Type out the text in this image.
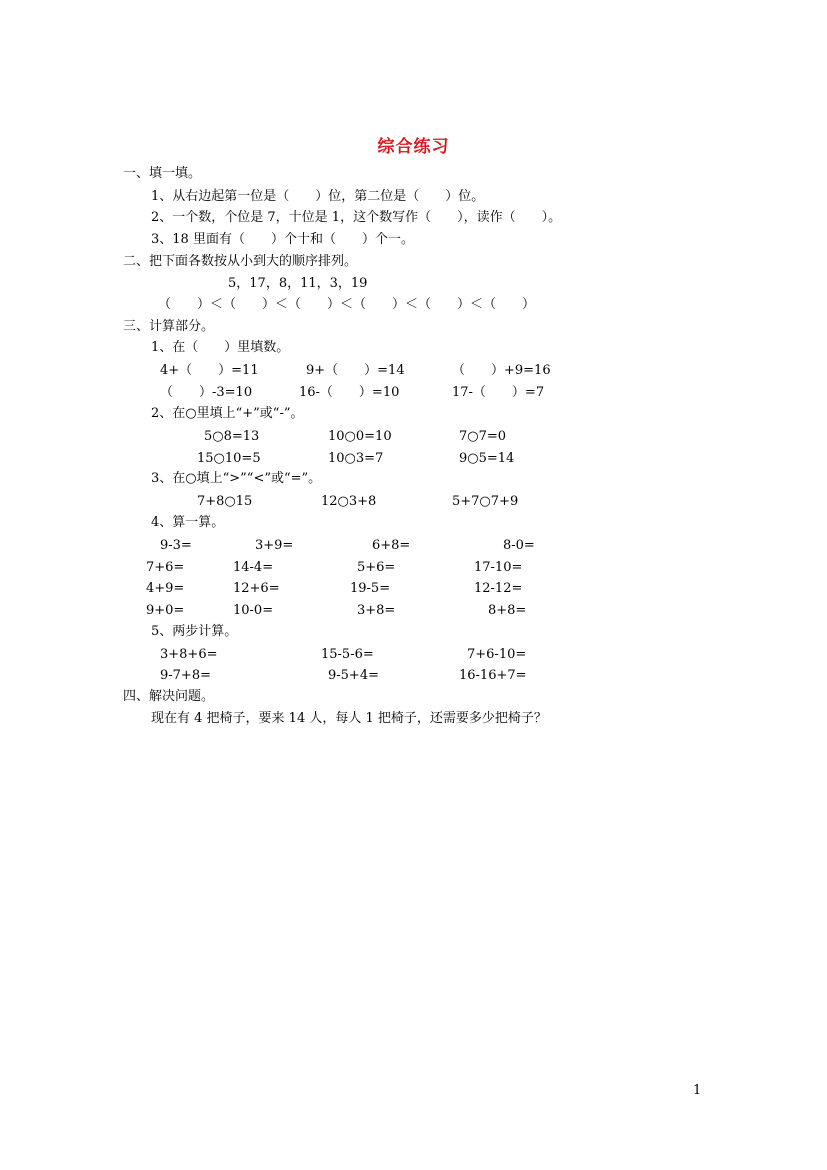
综合练习
一、填一填。
1、从右边起第一位是（　　）位，第二位是（　　）位。
2、一个数，个位是 7，十位是 1，这个数写作（　　），读作（　　）。
3、18 里面有（　　）个十和（　　）个一。
二、把下面各数按从小到大的顺序排列。
5，17，8，11，3，19
（　　）＜（　　）＜（　　）＜（　　）＜（　　）＜（　　）
三、计算部分。
1、在（　　）里填数。
4+（　　）=11	9+（　　）=14	（　　）+9=16
（　　）-3=10	16-（　　）=10	17-（　　）=7
2、在○里填上“+”或“-”。
5○8=13	10○0=10	7○7=0
15○10=5	10○3=7	9○5=14
3、在○填上“>”“<”或“=”。
7+8○15	12○3+8	5+7○7+9
4、算一算。
9-3=	3+9=	6+8=	8-0=
7+6=	14-4=	5+6=	17-10=
4+9=	12+6=	19-5=	12-12=
9+0=	10-0=	3+8=	8+8=
5、两步计算。
3+8+6=	15-5-6=	7+6-10=
9-7+8=	9-5+4=	16-16+7=
四、解决问题。
现在有 4 把椅子，要来 14 人，每人 1 把椅子，还需要多少把椅子？
1
